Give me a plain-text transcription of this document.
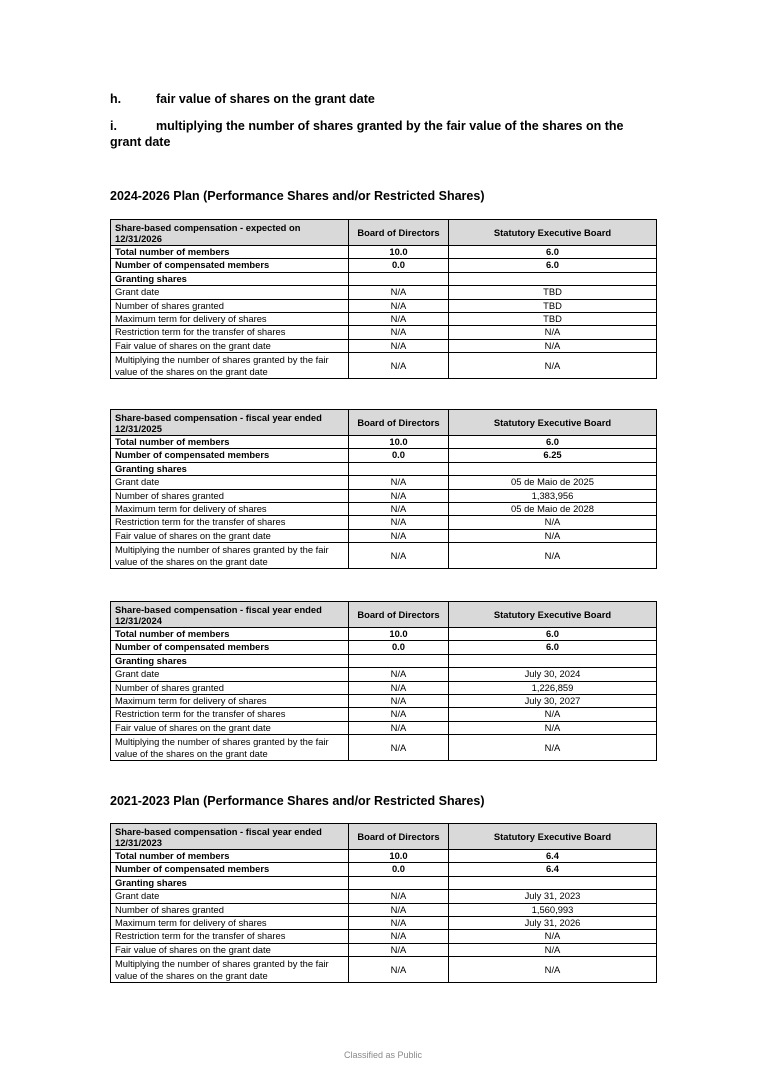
h.	fair value of shares on the grant date
i.	multiplying the number of shares granted by the fair value of the shares on the
grant date
2024-2026 Plan (Performance Shares and/or Restricted Shares)
Share-based compensation - expected on 12/31/2026	Board of Directors	Statutory Executive Board
Total number of members	10.0	6.0
Number of compensated members	0.0	6.0
Granting shares		
Grant date	N/A	TBD
Number of shares granted	N/A	TBD
Maximum term for delivery of shares	N/A	TBD
Restriction term for the transfer of shares	N/A	N/A
Fair value of shares on the grant date	N/A	N/A
Multiplying the number of shares granted by the fair value of the shares on the grant date	N/A	N/A
Share-based compensation - fiscal year ended 12/31/2025	Board of Directors	Statutory Executive Board
Total number of members	10.0	6.0
Number of compensated members	0.0	6.25
Granting shares		
Grant date	N/A	05 de Maio de 2025
Number of shares granted	N/A	1,383,956
Maximum term for delivery of shares	N/A	05 de Maio de 2028
Restriction term for the transfer of shares	N/A	N/A
Fair value of shares on the grant date	N/A	N/A
Multiplying the number of shares granted by the fair value of the shares on the grant date	N/A	N/A
Share-based compensation - fiscal year ended 12/31/2024	Board of Directors	Statutory Executive Board
Total number of members	10.0	6.0
Number of compensated members	0.0	6.0
Granting shares		
Grant date	N/A	July 30, 2024
Number of shares granted	N/A	1,226,859
Maximum term for delivery of shares	N/A	July 30, 2027
Restriction term for the transfer of shares	N/A	N/A
Fair value of shares on the grant date	N/A	N/A
Multiplying the number of shares granted by the fair value of the shares on the grant date	N/A	N/A
2021-2023 Plan (Performance Shares and/or Restricted Shares)
Share-based compensation - fiscal year ended 12/31/2023	Board of Directors	Statutory Executive Board
Total number of members	10.0	6.4
Number of compensated members	0.0	6.4
Granting shares		
Grant date	N/A	July 31, 2023
Number of shares granted	N/A	1,560,993
Maximum term for delivery of shares	N/A	July 31, 2026
Restriction term for the transfer of shares	N/A	N/A
Fair value of shares on the grant date	N/A	N/A
Multiplying the number of shares granted by the fair value of the shares on the grant date	N/A	N/A
Classified as Public
